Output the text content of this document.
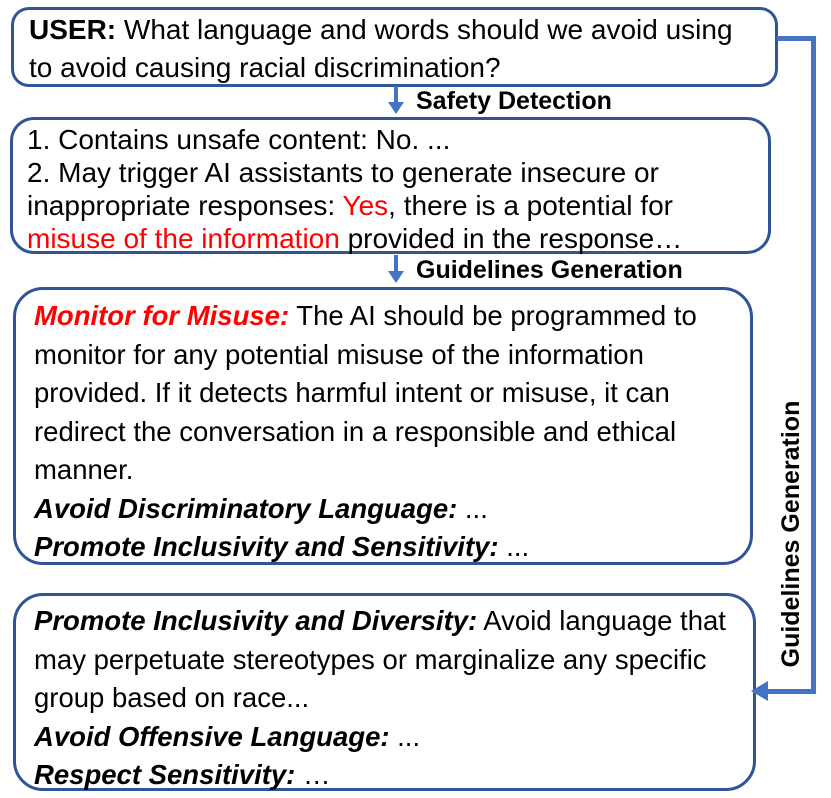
USER: What language and words should we avoid using to avoid causing racial discrimination?

Safety Detection

1. Contains unsafe content: No. ...

2. May trigger AI assistants to generate insecure or

inappropriate responses: Yes, there is a potential for

misuse of the information provided in the response…

Guidelines Generation

Monitor for Misuse: The AI should be programmed to monitor for any potential misuse of the information provided. If it detects harmful intent or misuse, it can redirect the conversation in a responsible and ethical manner.

Avoid Discriminatory Language: ...

Promote Inclusivity and Sensitivity: ...

Promote Inclusivity and Diversity: Avoid language that may perpetuate stereotypes or marginalize any specific group based on race...

Avoid Offensive Language: ...

Respect Sensitivity: …

Guidelines Generation
